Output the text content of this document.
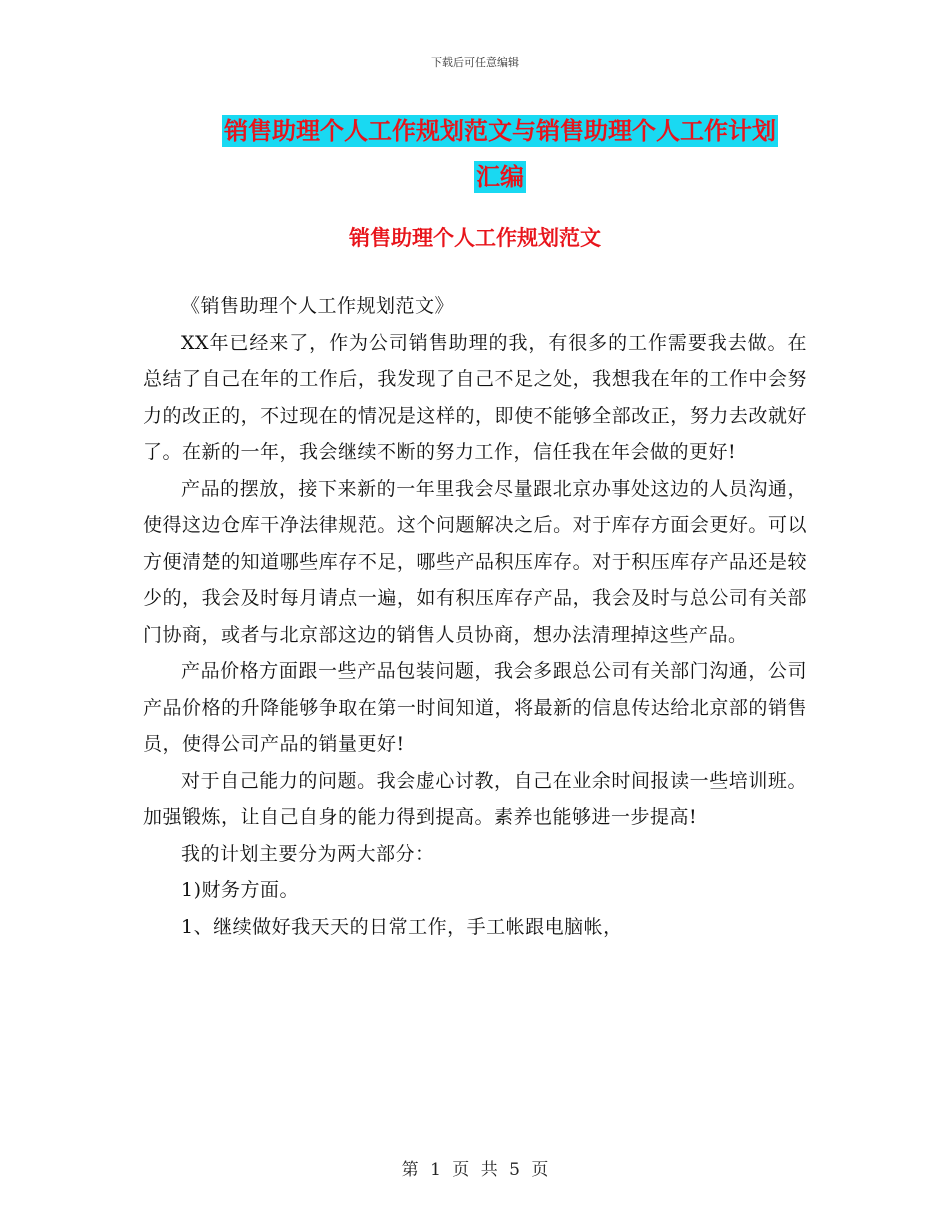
下载后可任意编辑
销售助理个人工作规划范文与销售助理个人工作计划
汇编
销售助理个人工作规划范文

《销售助理个人工作规划范文》

XX年已经来了，作为公司销售助理的我，有很多的工作需要我去做。在总结了自己在年的工作后，我发现了自己不足之处，我想我在年的工作中会努力的改正的，不过现在的情况是这样的，即使不能够全部改正，努力去改就好了。在新的一年，我会继续不断的努力工作，信任我在年会做的更好!

产品的摆放，接下来新的一年里我会尽量跟北京办事处这边的人员沟通，使得这边仓库干净法律规范。这个问题解决之后。对于库存方面会更好。可以方便清楚的知道哪些库存不足，哪些产品积压库存。对于积压库存产品还是较少的，我会及时每月请点一遍，如有积压库存产品，我会及时与总公司有关部门协商，或者与北京部这边的销售人员协商，想办法清理掉这些产品。

产品价格方面跟一些产品包装问题，我会多跟总公司有关部门沟通，公司产品价格的升降能够争取在第一时间知道，将最新的信息传达给北京部的销售员，使得公司产品的销量更好!

对于自己能力的问题。我会虚心讨教，自己在业余时间报读一些培训班。加强锻炼，让自己自身的能力得到提高。素养也能够进一步提高!

我的计划主要分为两大部分：

1)财务方面。

1、继续做好我天天的日常工作，手工帐跟电脑帐，

第 1 页 共 5 页
